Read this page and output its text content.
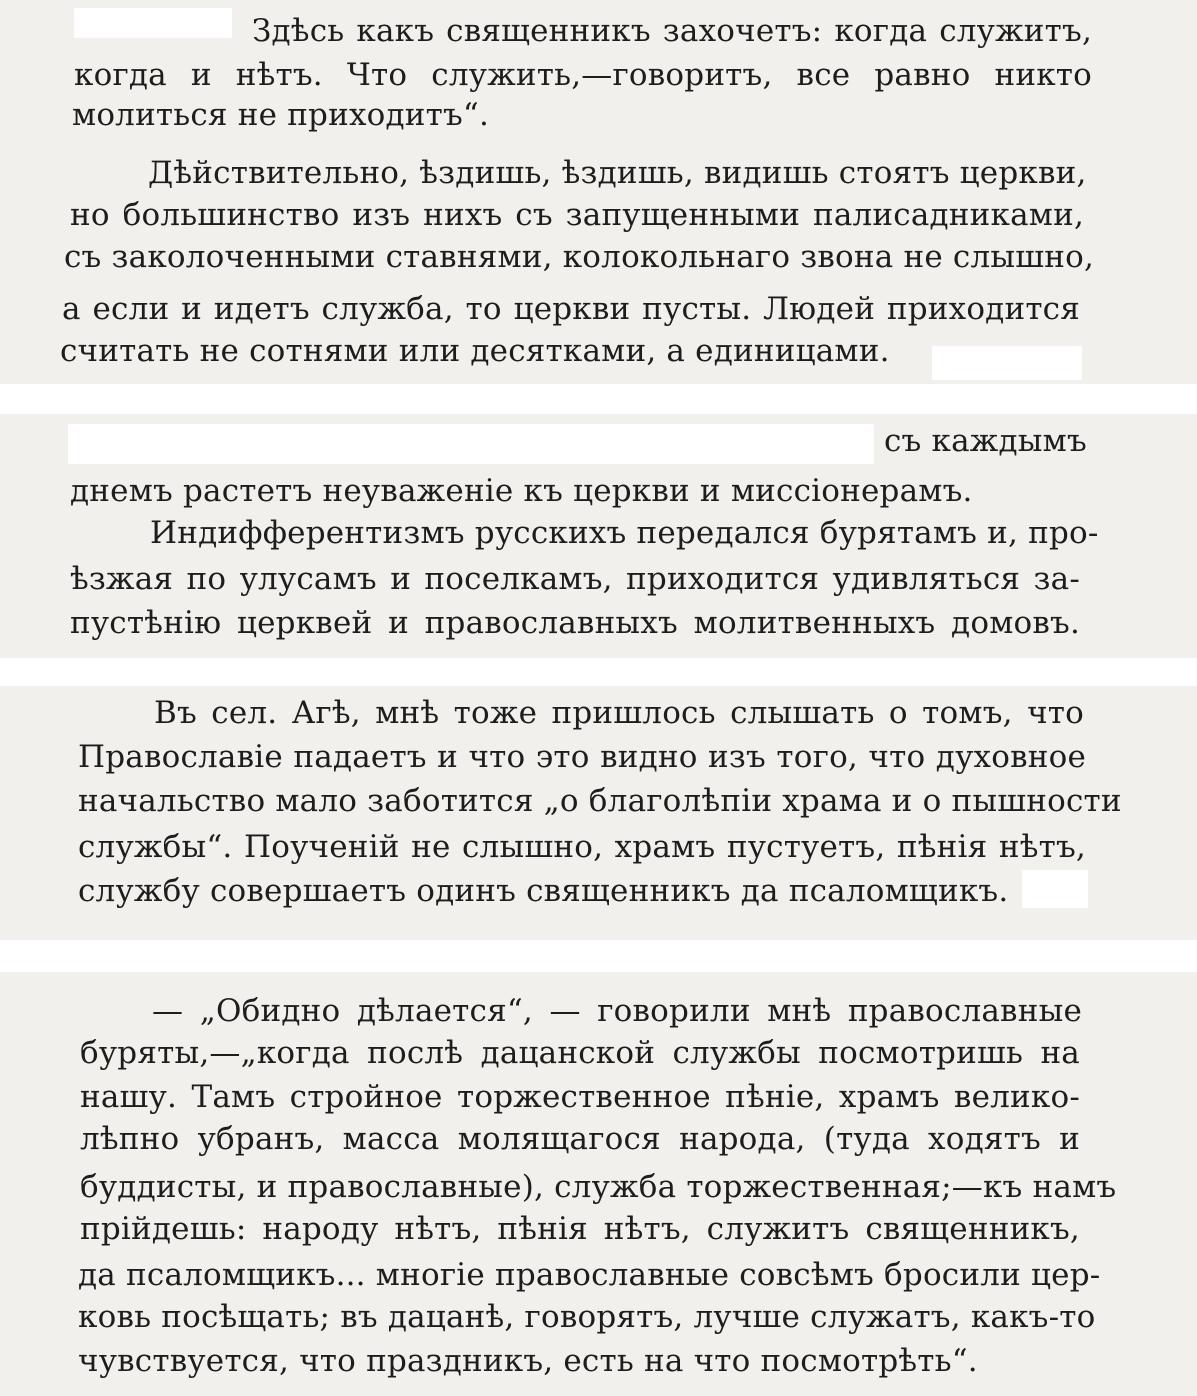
Здѣсь какъ священникъ захочетъ: когда служитъ,
когда и нѣтъ. Что служить,—говоритъ, все равно никто
молиться не приходитъ“.
Дѣйствительно, ѣздишь, ѣздишь, видишь стоятъ церкви,
но большинство изъ нихъ съ запущенными палисадниками,
съ заколоченными ставнями, колокольнаго звона не слышно,
а если и идетъ служба, то церкви пусты. Людей приходится
считать не сотнями или десятками, а единицами.
съ каждымъ
днемъ растетъ неуваженіе къ церкви и миссіонерамъ.
Индифферентизмъ русскихъ передался бурятамъ и, про-
ѣзжая по улусамъ и поселкамъ, приходится удивляться за-
пустѣнію церквей и православныхъ молитвенныхъ домовъ.
Въ сел. Агѣ, мнѣ тоже пришлось слышать о томъ, что
Православіе падаетъ и что это видно изъ того, что духовное
начальство мало заботится „о благолѣпіи храма и о пышности
службы“. Поученій не слышно, храмъ пустуетъ, пѣнія нѣтъ,
службу совершаетъ одинъ священникъ да псаломщикъ.
— „Обидно дѣлается“, — говорили мнѣ православные
буряты,—„когда послѣ дацанской службы посмотришь на
нашу. Тамъ стройное торжественное пѣніе, храмъ велико-
лѣпно убранъ, масса молящагося народа, (туда ходятъ и
буддисты, и православные), служба торжественная;—къ намъ
прійдешь: народу нѣтъ, пѣнія нѣтъ, служитъ священникъ,
да псаломщикъ... многіе православные совсѣмъ бросили цер-
ковь посѣщать; въ дацанѣ, говорятъ, лучше служатъ, какъ-то
чувствуется, что праздникъ, есть на что посмотрѣть“.
